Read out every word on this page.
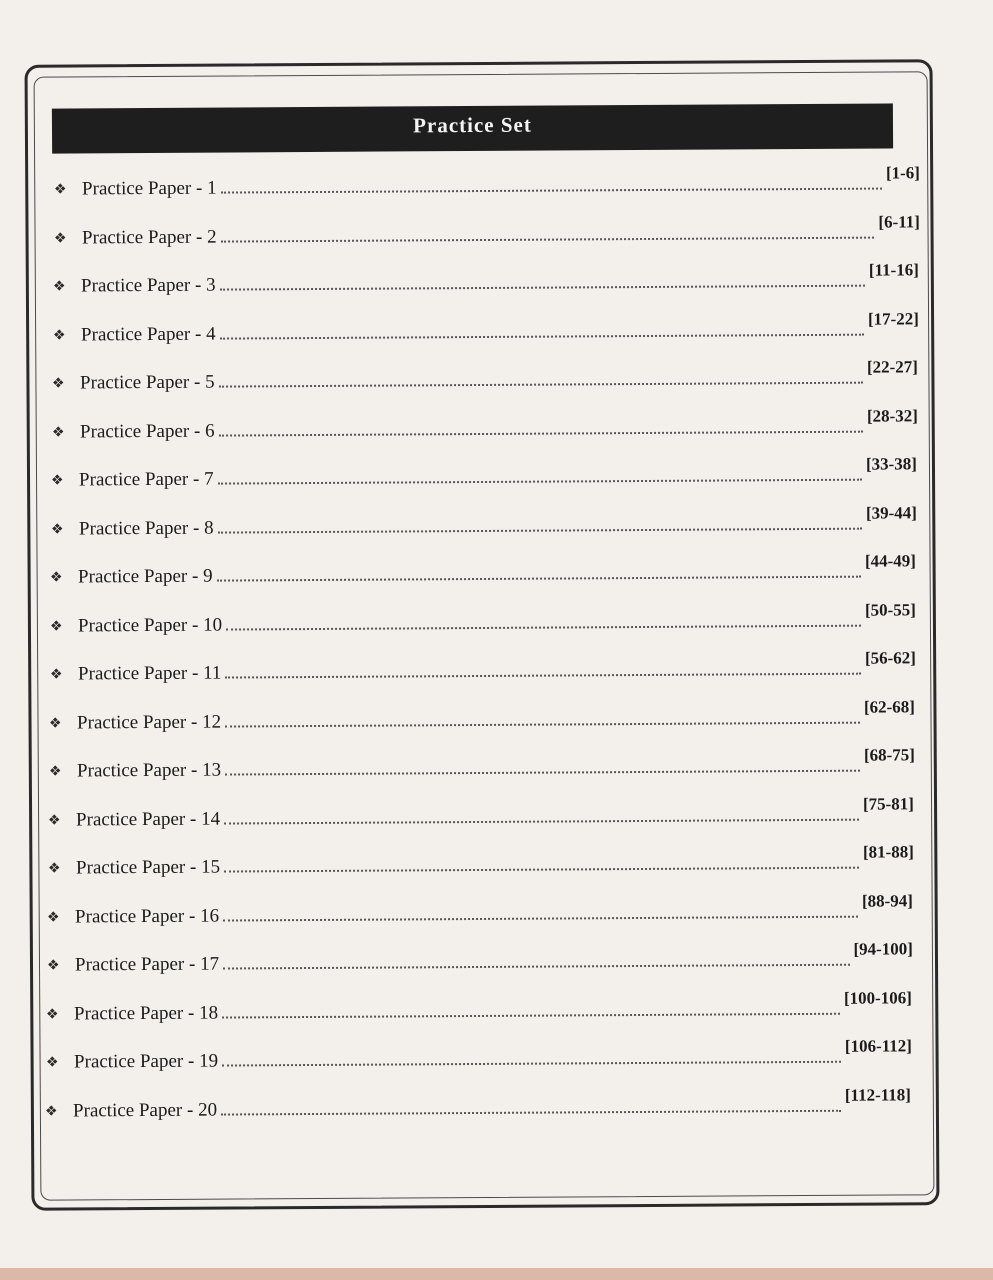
Practice Set
❖ Practice Paper - 1
[1-6]
❖ Practice Paper - 2
[6-11]
❖ Practice Paper - 3
[11-16]
❖ Practice Paper - 4
[17-22]
❖ Practice Paper - 5
[22-27]
❖ Practice Paper - 6
[28-32]
❖ Practice Paper - 7
[33-38]
❖ Practice Paper - 8
[39-44]
❖ Practice Paper - 9
[44-49]
❖ Practice Paper - 10
[50-55]
❖ Practice Paper - 11
[56-62]
❖ Practice Paper - 12
[62-68]
❖ Practice Paper - 13
[68-75]
❖ Practice Paper - 14
[75-81]
❖ Practice Paper - 15
[81-88]
❖ Practice Paper - 16
[88-94]
❖ Practice Paper - 17
[94-100]
❖ Practice Paper - 18
[100-106]
❖ Practice Paper - 19
[106-112]
❖ Practice Paper - 20
[112-118]
